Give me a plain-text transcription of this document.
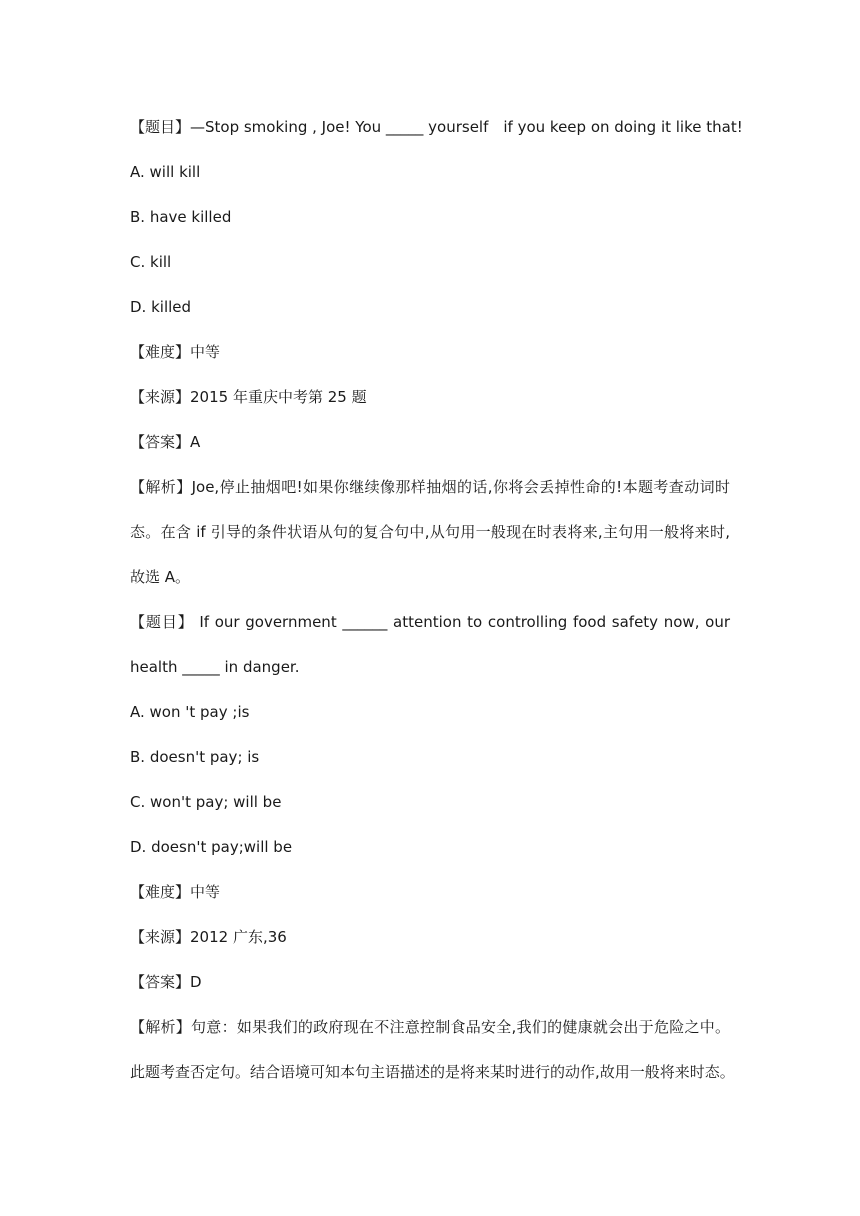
【题目】—Stop smoking , Joe! You _____ yourself　if you keep on doing it like that!
A. will kill
B. have killed
C. kill
D. killed
【难度】中等
【来源】2015 年重庆中考第 25 题
【答案】A
【解析】Joe,停止抽烟吧!如果你继续像那样抽烟的话,你将会丢掉性命的!本题考查动词时
态。在含 if 引导的条件状语从句的复合句中,从句用一般现在时表将来,主句用一般将来时,
故选 A。
【题目】 If our government ______ attention to controlling food safety now, our
health _____ in danger.
A. won 't pay ;is
B. doesn't pay; is
C. won't pay; will be
D. doesn't pay;will be
【难度】中等
【来源】2012 广东,36
【答案】D
【解析】句意：如果我们的政府现在不注意控制食品安全,我们的健康就会出于危险之中。
此题考查否定句。结合语境可知本句主语描述的是将来某时进行的动作,故用一般将来时态。
